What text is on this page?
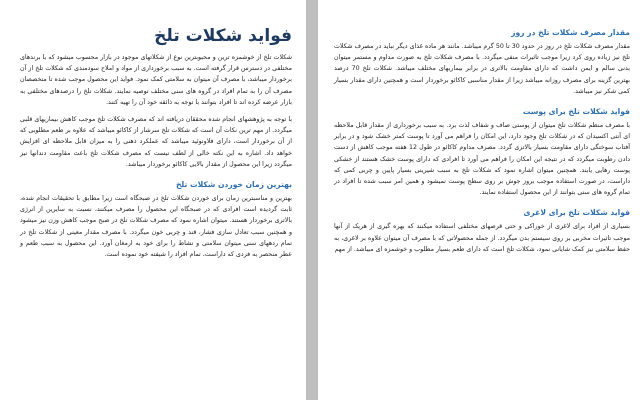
فواید شکلات تلخ

شکلات تلخ از خوشمزه ترین و محبوبترین نوع از شکلاتهای موجود در بازار محسوب میشود که با برندهای مختلفی در دسترس قرار گرفته است. به سبب برخورداری از مواد و املاح سودمندی که شکلات تلخ از آن برخوردار میباشد، با مصرف آن میتوان به سلامتی کمک نمود. فواید این محصول موجب شده تا متخصصان مصرف آن را به تمام افراد در گروه های سنی مختلف توصیه نمایند. شکلات تلخ را درصدهای مختلفی به بازار عرضه کرده اند تا افراد بتوانند با توجه به ذائقه خود آن را تهیه کنند.

با توجه به پژوهشهای انجام شده محققان دریافته اند که مصرف شکلات تلخ موجب کاهش بیماریهای قلبی میگردد. از مهم ترین نکات آن است که شکلات تلخ سرشار از کاکائو میباشد که علاوه بر طعم مطلوبی که از آن برخوردار است، دارای فلاونوئید میباشد که عملکرد ذهنی را به میزان قابل ملاحظه ای افزایش خواهد داد. اشاره به این نکته خالی از لطف نیست که مصرف شکلات تلخ باعث مقاومت دندانها نیز میگردد زیرا این محصول از مقدار بالایی کاکائو برخوردار میباشد.

بهترین زمان خوردن شکلات تلخ

بهترین و مناسبترین زمان برای خوردن شکلات تلخ در صبحگاه است زیرا مطابق با تحقیقات انجام شده، ثابت گردیده است افرادی که در صبحگاه این محصول را مصرف میکنند، نسبت به سایرین از انرژی بالاتری برخوردار هستند. میتوان اشاره نمود که مصرف شکلات تلخ در صبح موجب کاهش وزن نیز میشود و همچنین سبب تعادل سازی فشار، قند و چربی خون میگردد. با مصرف مقدار معینی از شکلات تلخ در تمام ردههای سنی میتوان سلامتی و نشاط را برای خود به ارمغان آورد. این محصول به سبب طعم و عطر منحصر به فردی که داراست، تمام افراد را شیفته خود نموده است.

مقدار مصرف شکلات تلخ در روز

مقدار مصرف شکلات تلخ در روز در حدود 30 تا 50 گرم میباشد. مانند هر ماده غذای دیگر نباید در مصرف شکلات تلخ نیز زیاده روی کرد زیرا موجب تاثیرات منفی میگردد. با مصرف شکلات تلخ به صورت مداوم و مستمر میتوان بدنی سالم و ایمن داشت که دارای مقاومت بالاتری در برابر بیماریهای مختلف میباشد. شکلات تلخ 70 درصد بهترین گزینه برای مصرف روزانه میباشد زیرا از مقدار مناسبی کاکائو برخوردار است و همچنین دارای مقدار بسیار کمی شکر نیز میباشد.

فواید شکلات تلخ برای پوست

با مصرف منظم شکلات تلخ میتوان از پوستی صاف و شفاف لذت برد. به سبب برخورداری از مقدار قابل ملاحظه ای آنتی اکسیدان که در شکلات تلخ وجود دارد، این امکان را فراهم می آورد تا پوست کمتر خشک شود و در برابر آفتاب سوختگی دارای مقاومت بسیار بالاتری گردد. مصرف مداوم کاکائو در طول 12 هفته موجب کاهش از دست دادن رطوبت میگردد که در نتیجه این امکان را فراهم می آورد تا افرادی که دارای پوست خشک هستند از خشکی پوست رهایی یابند. همچنین میتوان اشاره نمود که شکلات تلخ به سبب شیرینی بسیار پایین و چربی کمی که داراست، در صورت استفاده موجب بروز جوش بر روی سطح پوست نمیشود و همین امر سبب شده تا افراد در تمام گروه های سنی بتوانند از این محصول استفاده نمایند.

فواید شکلات تلخ برای لاغری

بسیاری از افراد برای لاغری از خوراکی و حتی قرصهای مختلفی استفاده میکنند که بهره گیری از هریک از آنها موجب تاثیرات مخربی بر روی سیستم بدن میگردد. از جمله محصولاتی که با مصرف آن میتوان علاوه بر لاغری، به حفظ سلامتی نیز کمک شایانی نمود، شکلات تلخ است که دارای طعم بسیار مطلوب و خوشمزه ای میباشد. از مهم
